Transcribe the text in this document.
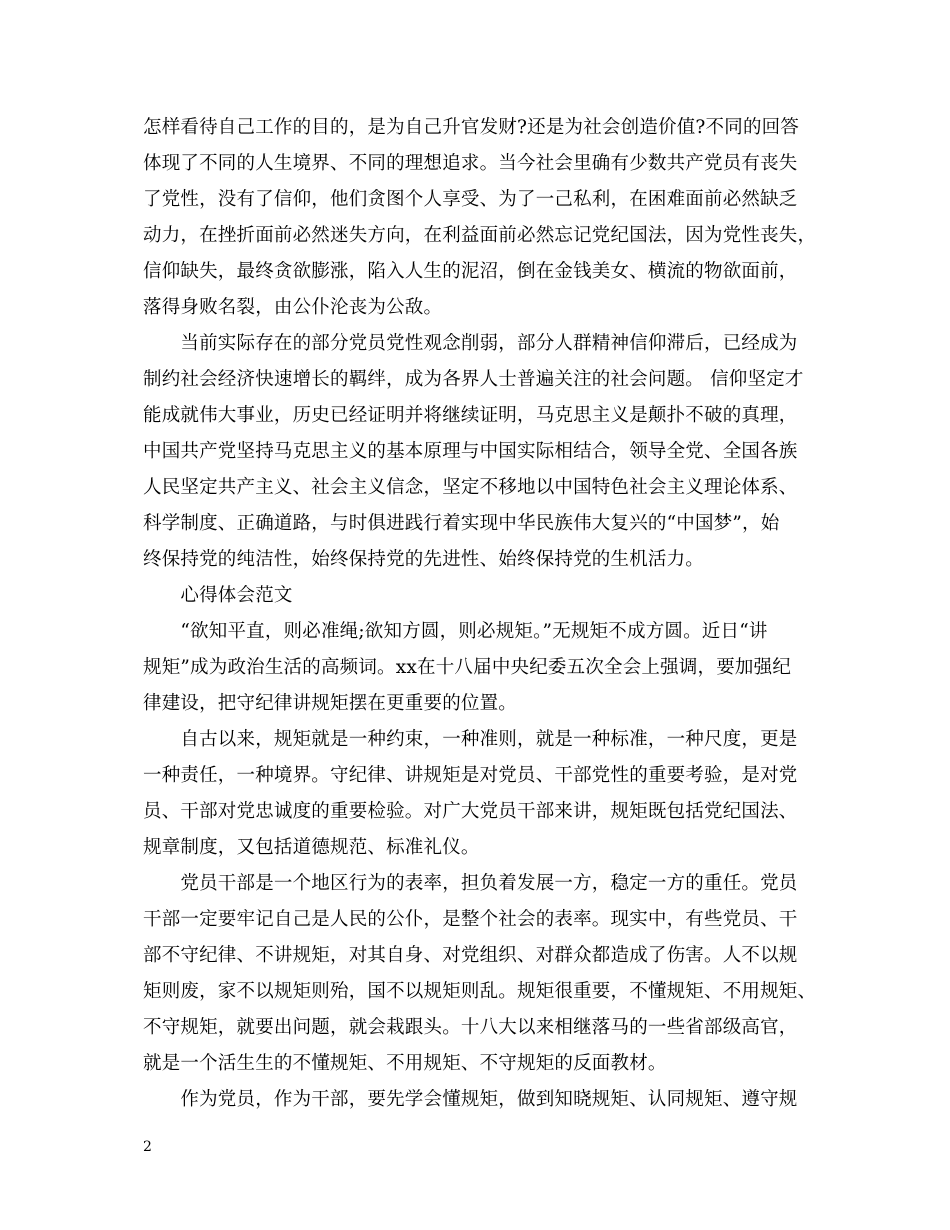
怎样看待自己工作的目的，是为自己升官发财?还是为社会创造价值?不同的回答
体现了不同的人生境界、不同的理想追求。当今社会里确有少数共产党员有丧失
了党性，没有了信仰，他们贪图个人享受、为了一己私利，在困难面前必然缺乏
动力，在挫折面前必然迷失方向，在利益面前必然忘记党纪国法，因为党性丧失，
信仰缺失，最终贪欲膨涨，陷入人生的泥沼，倒在金钱美女、横流的物欲面前，
落得身败名裂，由公仆沦丧为公敌。
　　当前实际存在的部分党员党性观念削弱，部分人群精神信仰滞后，已经成为
制约社会经济快速增长的羁绊，成为各界人士普遍关注的社会问题。 信仰坚定才
能成就伟大事业，历史已经证明并将继续证明，马克思主义是颠扑不破的真理，
中国共产党坚持马克思主义的基本原理与中国实际相结合，领导全党、全国各族
人民坚定共产主义、社会主义信念，坚定不移地以中国特色社会主义理论体系、
科学制度、正确道路，与时俱进践行着实现中华民族伟大复兴的“中国梦”，始
终保持党的纯洁性，始终保持党的先进性、始终保持党的生机活力。
　　心得体会范文
　　“欲知平直，则必准绳;欲知方圆，则必规矩。”无规矩不成方圆。近日“讲
规矩”成为政治生活的高频词。xx在十八届中央纪委五次全会上强调，要加强纪
律建设，把守纪律讲规矩摆在更重要的位置。
　　自古以来，规矩就是一种约束，一种准则，就是一种标准，一种尺度，更是
一种责任，一种境界。守纪律、讲规矩是对党员、干部党性的重要考验，是对党
员、干部对党忠诚度的重要检验。对广大党员干部来讲，规矩既包括党纪国法、
规章制度，又包括道德规范、标准礼仪。
　　党员干部是一个地区行为的表率，担负着发展一方，稳定一方的重任。党员
干部一定要牢记自己是人民的公仆，是整个社会的表率。现实中，有些党员、干
部不守纪律、不讲规矩，对其自身、对党组织、对群众都造成了伤害。人不以规
矩则废，家不以规矩则殆，国不以规矩则乱。规矩很重要，不懂规矩、不用规矩、
不守规矩，就要出问题，就会栽跟头。十八大以来相继落马的一些省部级高官，
就是一个活生生的不懂规矩、不用规矩、不守规矩的反面教材。
　　作为党员，作为干部，要先学会懂规矩，做到知晓规矩、认同规矩、遵守规
2
